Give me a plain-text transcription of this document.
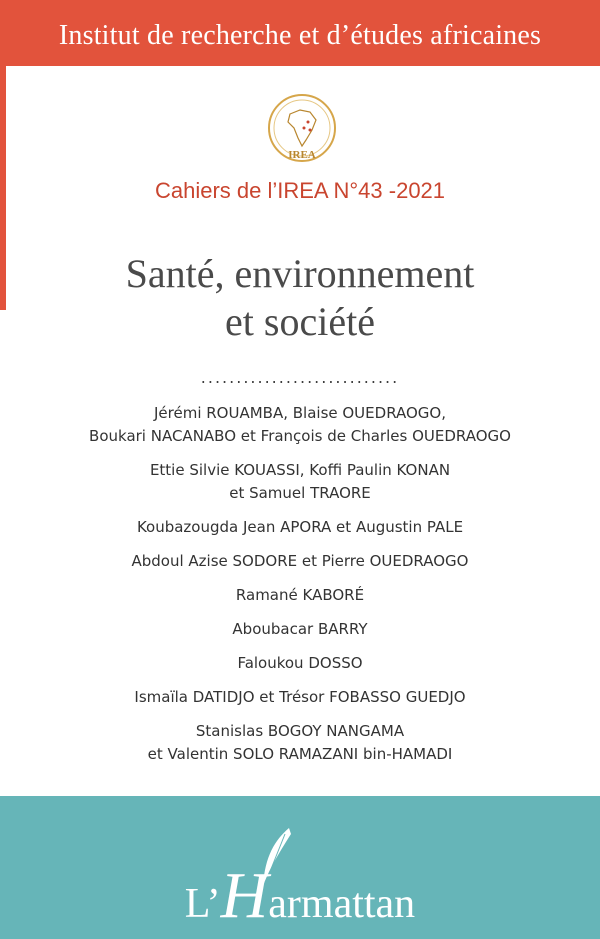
Institut de recherche et d’études africaines
IREA
Cahiers de l’IREA N°43 -2021
Santé, environnement
et société
............................
Jérémi ROUAMBA, Blaise OUEDRAOGO,
Boukari NACANABO et François de Charles OUEDRAOGO
Ettie Silvie KOUASSI, Koffi Paulin KONAN
et Samuel TRAORE
Koubazougda Jean APORA et Augustin PALE
Abdoul Azise SODORE et Pierre OUEDRAOGO
Ramané KABORÉ
Aboubacar BARRY
Faloukou DOSSO
Ismaïla DATIDJO et Trésor FOBASSO GUEDJO
Stanislas BOGOY NANGAMA
et Valentin SOLO RAMAZANI bin-HAMADI
L’Harmattan
